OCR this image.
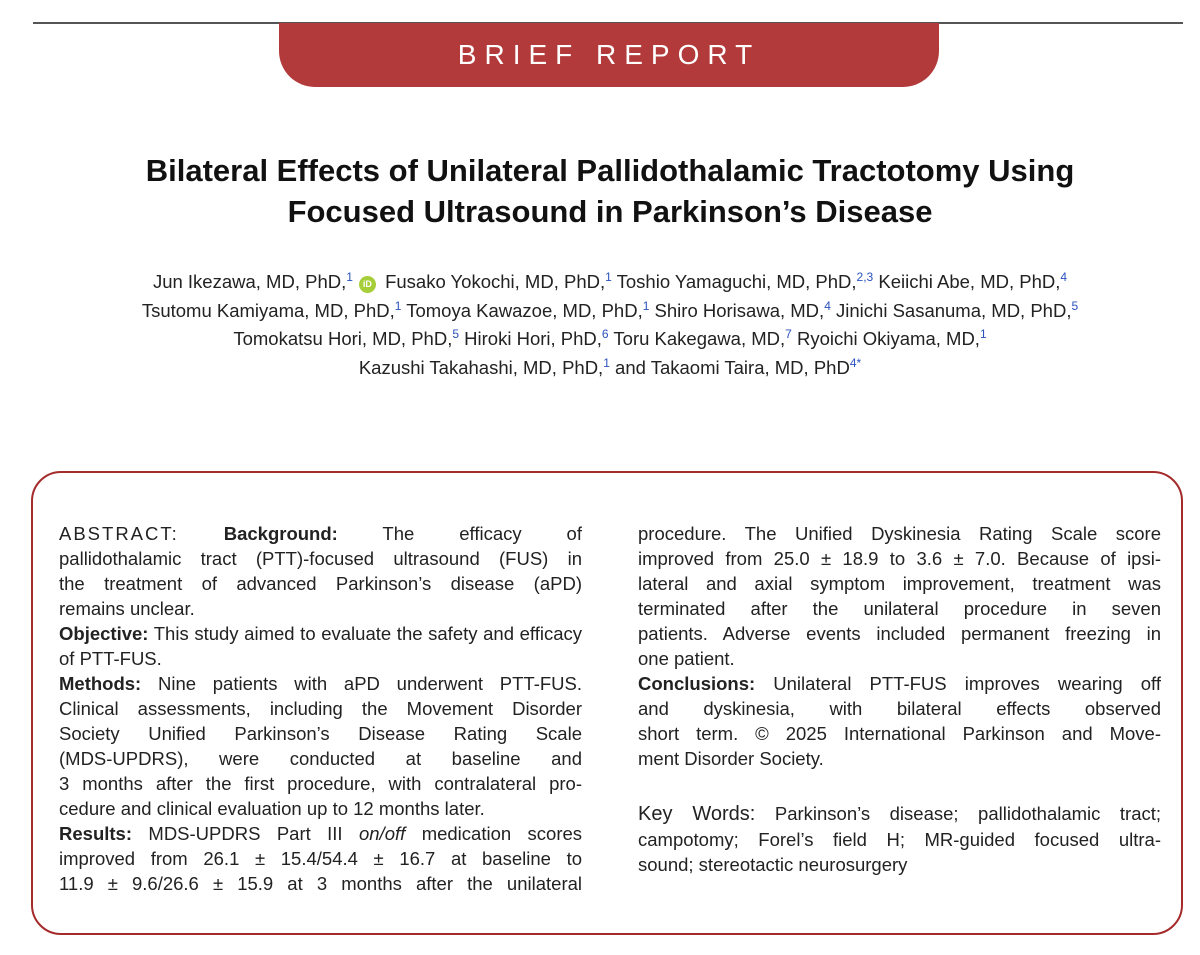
BRIEF REPORT
Bilateral Effects of Unilateral Pallidothalamic Tractotomy Using
Focused Ultrasound in Parkinson’s Disease
Jun Ikezawa, MD, PhD,$^1$ iD Fusako Yokochi, MD, PhD,$^1$ Toshio Yamaguchi, MD, PhD,$^{2,3}$ Keiichi Abe, MD, PhD,$^4$
Tsutomu Kamiyama, MD, PhD,$^1$ Tomoya Kawazoe, MD, PhD,$^1$ Shiro Horisawa, MD,$^4$ Jinichi Sasanuma, MD, PhD,$^5$
Tomokatsu Hori, MD, PhD,$^5$ Hiroki Hori, PhD,$^6$ Toru Kakegawa, MD,$^7$ Ryoichi Okiyama, MD,$^1$
Kazushi Takahashi, MD, PhD,$^1$ and Takaomi Taira, MD, PhD$^{4*}$

ABSTRACT: Background: The efficacy of
pallidothalamic tract (PTT)-focused ultrasound (FUS) in
the treatment of advanced Parkinson’s disease (aPD)
remains unclear.

Objective: This study aimed to evaluate the safety and efficacy of PTT-FUS.

Methods: Nine patients with aPD underwent PTT-FUS.
Clinical assessments, including the Movement Disorder
Society Unified Parkinson’s Disease Rating Scale
(MDS-UPDRS), were conducted at baseline and
3 months after the first procedure, with contralateral pro-
cedure and clinical evaluation up to 12 months later.

Results: MDS-UPDRS Part III on/off medication scores
improved from 26.1 ± 15.4/54.4 ± 16.7 at baseline to
11.9 ± 9.6/26.6 ± 15.9 at 3 months after the unilateral

procedure. The Unified Dyskinesia Rating Scale score
improved from 25.0 ± 18.9 to 3.6 ± 7.0. Because of ipsi-
lateral and axial symptom improvement, treatment was
terminated after the unilateral procedure in seven
patients. Adverse events included permanent freezing in
one patient.

Conclusions: Unilateral PTT-FUS improves wearing off
and dyskinesia, with bilateral effects observed
short term. © 2025 International Parkinson and Move-
ment Disorder Society.

Key Words: Parkinson’s disease; pallidothalamic tract;
campotomy; Forel’s field H; MR-guided focused ultra-
sound; stereotactic neurosurgery
